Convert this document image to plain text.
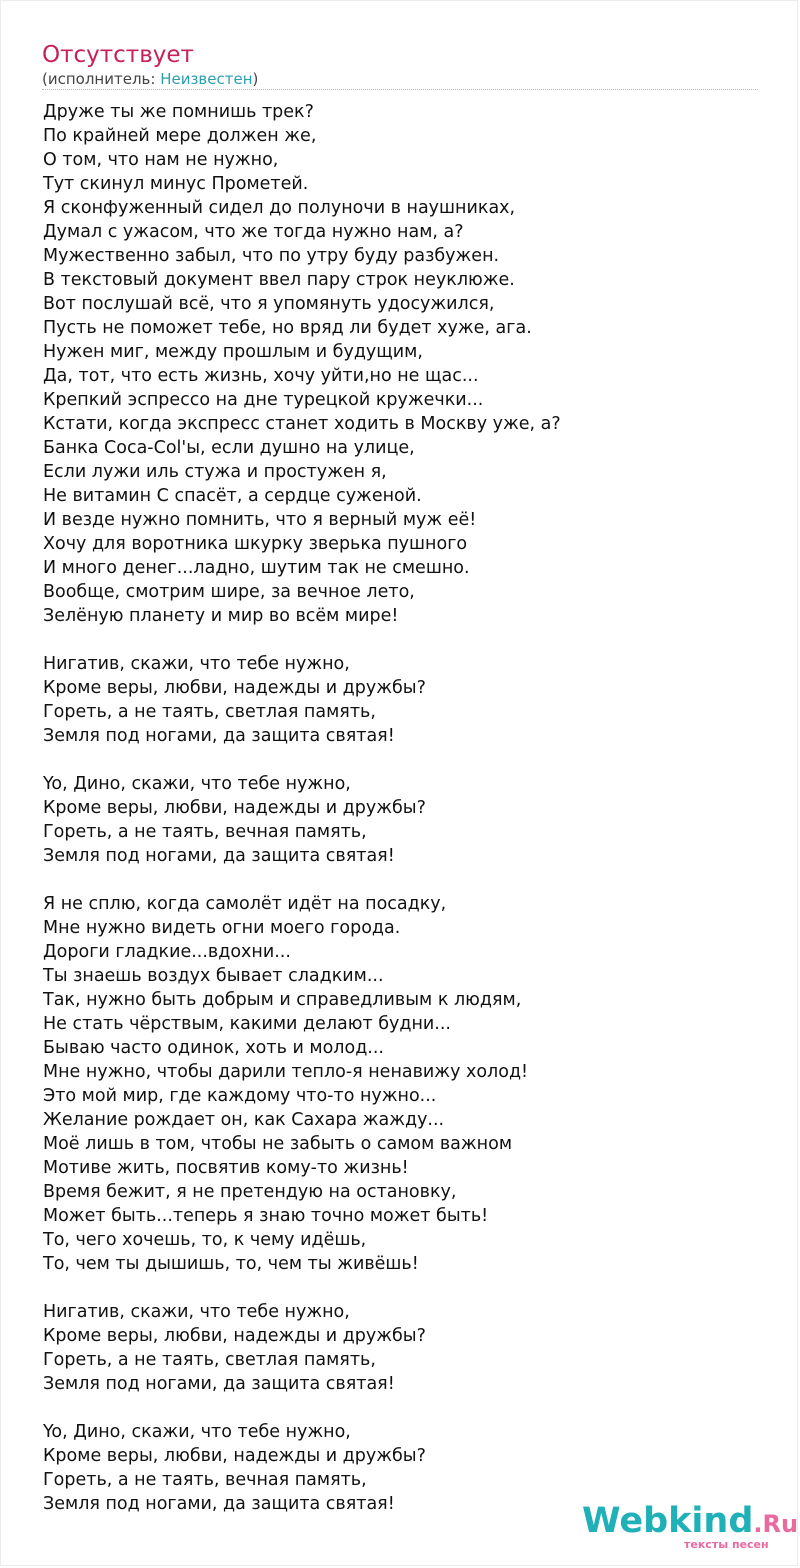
Отсутствует
(исполнитель: Неизвестен)
Друже ты же помнишь трек?
По крайней мере должен же,
О том, что нам не нужно,
Тут скинул минус Прометей.
Я сконфуженный сидел до полуночи в наушниках,
Думал с ужасом, что же тогда нужно нам, а?
Мужественно забыл, что по утру буду разбужен.
В текстовый документ ввел пару строк неуклюже.
Вот послушай всё, что я упомянуть удосужился,
Пусть не поможет тебе, но вряд ли будет хуже, ага.
Нужен миг, между прошлым и будущим,
Да, тот, что есть жизнь, хочу уйти,но не щас...
Крепкий эспрессо на дне турецкой кружечки...
Кстати, когда экспресс станет ходить в Москву уже, а?
Банка Coca-Col'ы, если душно на улице,
Если лужи иль стужа и простужен я,
Не витамин С спасёт, а сердце суженой.
И везде нужно помнить, что я верный муж её!
Хочу для воротника шкурку зверька пушного
И много денег...ладно, шутим так не смешно.
Вообще, смотрим шире, за вечное лето,
Зелёную планету и мир во всём мире!
Нигатив, скажи, что тебе нужно,
Кроме веры, любви, надежды и дружбы?
Гореть, а не таять, светлая память,
Земля под ногами, да защита святая!
Yo, Дино, скажи, что тебе нужно,
Кроме веры, любви, надежды и дружбы?
Гореть, а не таять, вечная память,
Земля под ногами, да защита святая!
Я не сплю, когда самолёт идёт на посадку,
Мне нужно видеть огни моего города.
Дороги гладкие...вдохни...
Ты знаешь воздух бывает сладким...
Так, нужно быть добрым и справедливым к людям,
Не стать чёрствым, какими делают будни...
Бываю часто одинок, хоть и молод...
Мне нужно, чтобы дарили тепло-я ненавижу холод!
Это мой мир, где каждому что-то нужно...
Желание рождает он, как Сахара жажду...
Моё лишь в том, чтобы не забыть о самом важном
Мотиве жить, посвятив кому-то жизнь!
Время бежит, я не претендую на остановку,
Может быть...теперь я знаю точно может быть!
То, чего хочешь, то, к чему идёшь,
То, чем ты дышишь, то, чем ты живёшь!
Нигатив, скажи, что тебе нужно,
Кроме веры, любви, надежды и дружбы?
Гореть, а не таять, светлая память,
Земля под ногами, да защита святая!
Yo, Дино, скажи, что тебе нужно,
Кроме веры, любви, надежды и дружбы?
Гореть, а не таять, вечная память,
Земля под ногами, да защита святая!	Webkind.Ru
тексты песен
